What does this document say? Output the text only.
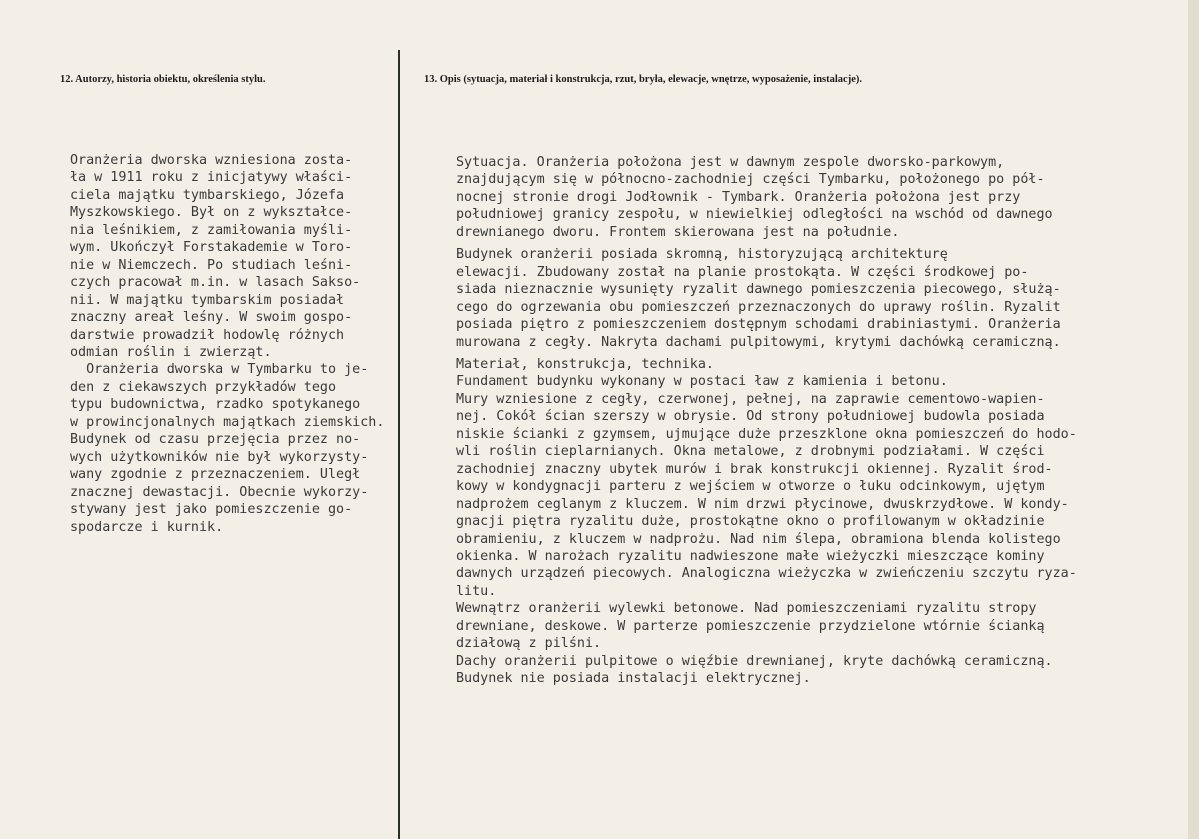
12. Autorzy, historia obiektu, określenia stylu.	13. Opis (sytuacja, materiał i konstrukcja, rzut, bryła, elewacje, wnętrze, wyposażenie, instalacje).
Oranżeria dworska wzniesiona zosta-
ła w 1911 roku z inicjatywy właści-
ciela majątku tymbarskiego, Józefa
Myszkowskiego. Był on z wykształce-
nia leśnikiem, z zamiłowania myśli-
wym. Ukończył Forstakademie w Toro-
nie w Niemczech. Po studiach leśni-
czych pracował m.in. w lasach Sakso-
nii. W majątku tymbarskim posiadał
znaczny areał leśny. W swoim gospo-
darstwie prowadził hodowlę różnych
odmian roślin i zwierząt.
Oranżeria dworska w Tymbarku to je-
den z ciekawszych przykładów tego
typu budownictwa, rzadko spotykanego
w prowincjonalnych majątkach ziemskich.
Budynek od czasu przejęcia przez no-
wych użytkowników nie był wykorzysty-
wany zgodnie z przeznaczeniem. Uległ
znacznej dewastacji. Obecnie wykorzy-
stywany jest jako pomieszczenie go-
spodarcze i kurnik.
Sytuacja. Oranżeria położona jest w dawnym zespole dworsko-parkowym,
znajdującym się w północno-zachodniej części Tymbarku, położonego po pół-
nocnej stronie drogi Jodłownik - Tymbark. Oranżeria położona jest przy
południowej granicy zespołu, w niewielkiej odległości na wschód od dawnego
drewnianego dworu. Frontem skierowana jest na południe.
Budynek oranżerii posiada skromną, historyzującą architekturę
elewacji. Zbudowany został na planie prostokąta. W części środkowej po-
siada nieznacznie wysunięty ryzalit dawnego pomieszczenia piecowego, służą-
cego do ogrzewania obu pomieszczeń przeznaczonych do uprawy roślin. Ryzalit
posiada piętro z pomieszczeniem dostępnym schodami drabiniastymi. Oranżeria
murowana z cegły. Nakryta dachami pulpitowymi, krytymi dachówką ceramiczną.
Materiał, konstrukcja, technika.
Fundament budynku wykonany w postaci ław z kamienia i betonu.
Mury wzniesione z cegły, czerwonej, pełnej, na zaprawie cementowo-wapien-
nej. Cokół ścian szerszy w obrysie. Od strony południowej budowla posiada
niskie ścianki z gzymsem, ujmujące duże przeszklone okna pomieszczeń do hodo-
wli roślin cieplarnianych. Okna metalowe, z drobnymi podziałami. W części
zachodniej znaczny ubytek murów i brak konstrukcji okiennej. Ryzalit środ-
kowy w kondygnacji parteru z wejściem w otworze o łuku odcinkowym, ujętym
nadprożem ceglanym z kluczem. W nim drzwi płycinowe, dwuskrzydłowe. W kondy-
gnacji piętra ryzalitu duże, prostokątne okno o profilowanym w okładzinie
obramieniu, z kluczem w nadprożu. Nad nim ślepa, obramiona blenda kolistego
okienka. W narożach ryzalitu nadwieszone małe wieżyczki mieszczące kominy
dawnych urządzeń piecowych. Analogiczna wieżyczka w zwieńczeniu szczytu ryza-
litu.
Wewnątrz oranżerii wylewki betonowe. Nad pomieszczeniami ryzalitu stropy
drewniane, deskowe. W parterze pomieszczenie przydzielone wtórnie ścianką
działową z pilśni.
Dachy oranżerii pulpitowe o więźbie drewnianej, kryte dachówką ceramiczną.
Budynek nie posiada instalacji elektrycznej.
